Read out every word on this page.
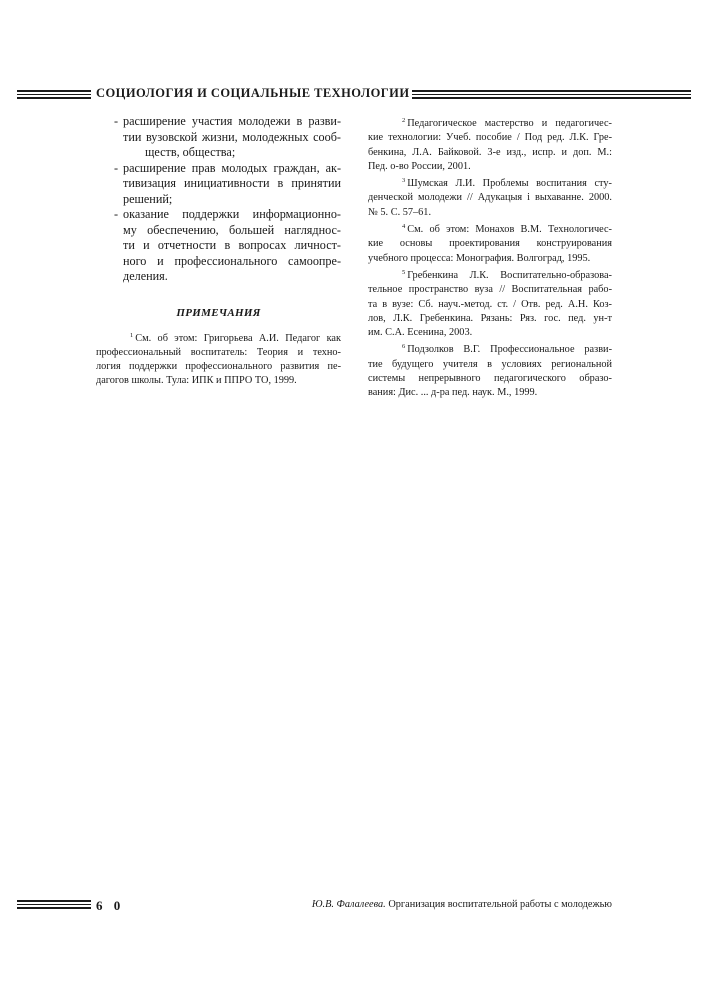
СОЦИОЛОГИЯ И СОЦИАЛЬНЫЕ ТЕХНОЛОГИИ
- расширение участия молодежи в разви-
тии вузовской жизни, молодежных сооб-
ществ, общества;
- расширение прав молодых граждан, ак-
тивизация инициативности в принятии
решений;
- оказание поддержки информационно-
му обеспечению, большей нагляднос-
ти и отчетности в вопросах личност-
ного и профессионального самоопре-
деления.
ПРИМЕЧАНИЯ
$^1$ См. об этом: Григорьева А.И. Педагог как
профессиональный воспитатель: Теория и техно-
логия поддержки профессионального развития пе-
дагогов школы. Тула: ИПК и ППРО ТО, 1999.
$^2$ Педагогическое мастерство и педагогичес-
кие технологии: Учеб. пособие / Под ред. Л.К. Гре-
бенкина, Л.А. Байковой. 3-е изд., испр. и доп. М.:
Пед. о-во России, 2001.
$^3$ Шумская Л.И. Проблемы воспитания сту-
денческой молодежи // Адукацыя i выхаванне. 2000.
№ 5. С. 57–61.
$^4$ См. об этом: Монахов В.М. Технологичес-
кие основы проектирования конструирования
учебного процесса: Монография. Волгоград, 1995.
$^5$ Гребенкина Л.К. Воспитательно-образова-
тельное пространство вуза // Воспитательная рабо-
та в вузе: Сб. науч.-метод. ст. / Отв. ред. А.Н. Коз-
лов, Л.К. Гребенкина. Рязань: Ряз. гос. пед. ун-т
им. С.А. Есенина, 2003.
$^6$ Подзолков В.Г. Профессиональное разви-
тие будущего учителя в условиях региональной
системы непрерывного педагогического образо-
вания: Дис. ... д-ра пед. наук. М., 1999.
6 0	Ю.В. Фалалеева. Организация воспитательной работы с молодежью
